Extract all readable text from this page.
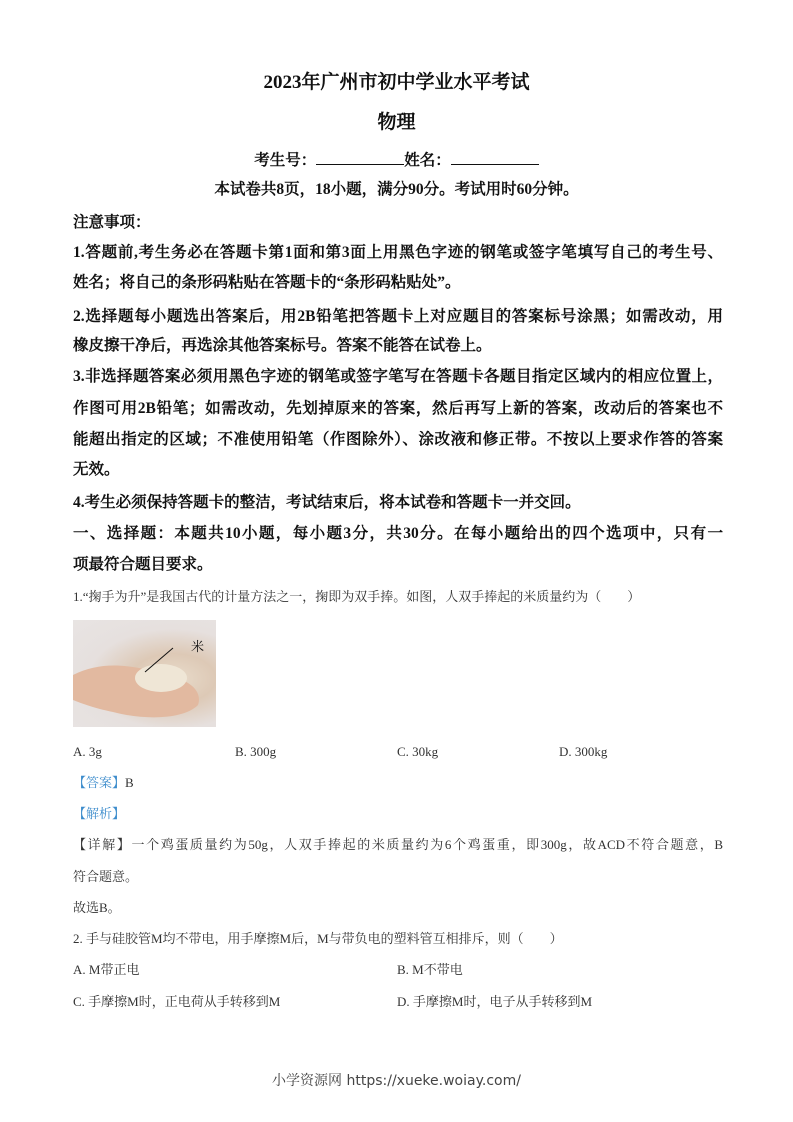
2023年广州市初中学业水平考试
物理
考生号：	姓名：
本试卷共8页，18小题，满分90分。考试用时60分钟。
注意事项：
1.答题前,考生务必在答题卡第1面和第3面上用黑色字迹的钢笔或签字笔填写自己的考生号、
姓名；将自己的条形码粘贴在答题卡的“条形码粘贴处”。
2.选择题每小题选出答案后，用2B铅笔把答题卡上对应题目的答案标号涂黑；如需改动，用
橡皮擦干净后，再选涂其他答案标号。答案不能答在试卷上。
3.非选择题答案必须用黑色字迹的钢笔或签字笔写在答题卡各题目指定区域内的相应位置上，
作图可用2B铅笔；如需改动，先划掉原来的答案，然后再写上新的答案，改动后的答案也不
能超出指定的区域；不准使用铅笔（作图除外）、涂改液和修正带。不按以上要求作答的答案
无效。
4.考生必须保持答题卡的整洁，考试结束后，将本试卷和答题卡一并交回。
一、选择题：本题共10小题，每小题3分，共30分。在每小题给出的四个选项中，只有一
项最符合题目要求。
1.“掬手为升”是我国古代的计量方法之一，掬即为双手捧。如图，人双手捧起的米质量约为（　　）
米
A. 3g	B. 300g	C. 30kg	D. 300kg
【答案】B
【解析】
【详解】一个鸡蛋质量约为50g，人双手捧起的米质量约为6个鸡蛋重，即300g，故ACD不符合题意，B
符合题意。
故选B。
2. 手与硅胶管M均不带电，用手摩擦M后，M与带负电的塑料管互相排斥，则（　　）
A. M带正电	B. M不带电
C. 手摩擦M时，正电荷从手转移到M	D. 手摩擦M时，电子从手转移到M
小学资源网 https://xueke.woiay.com/
